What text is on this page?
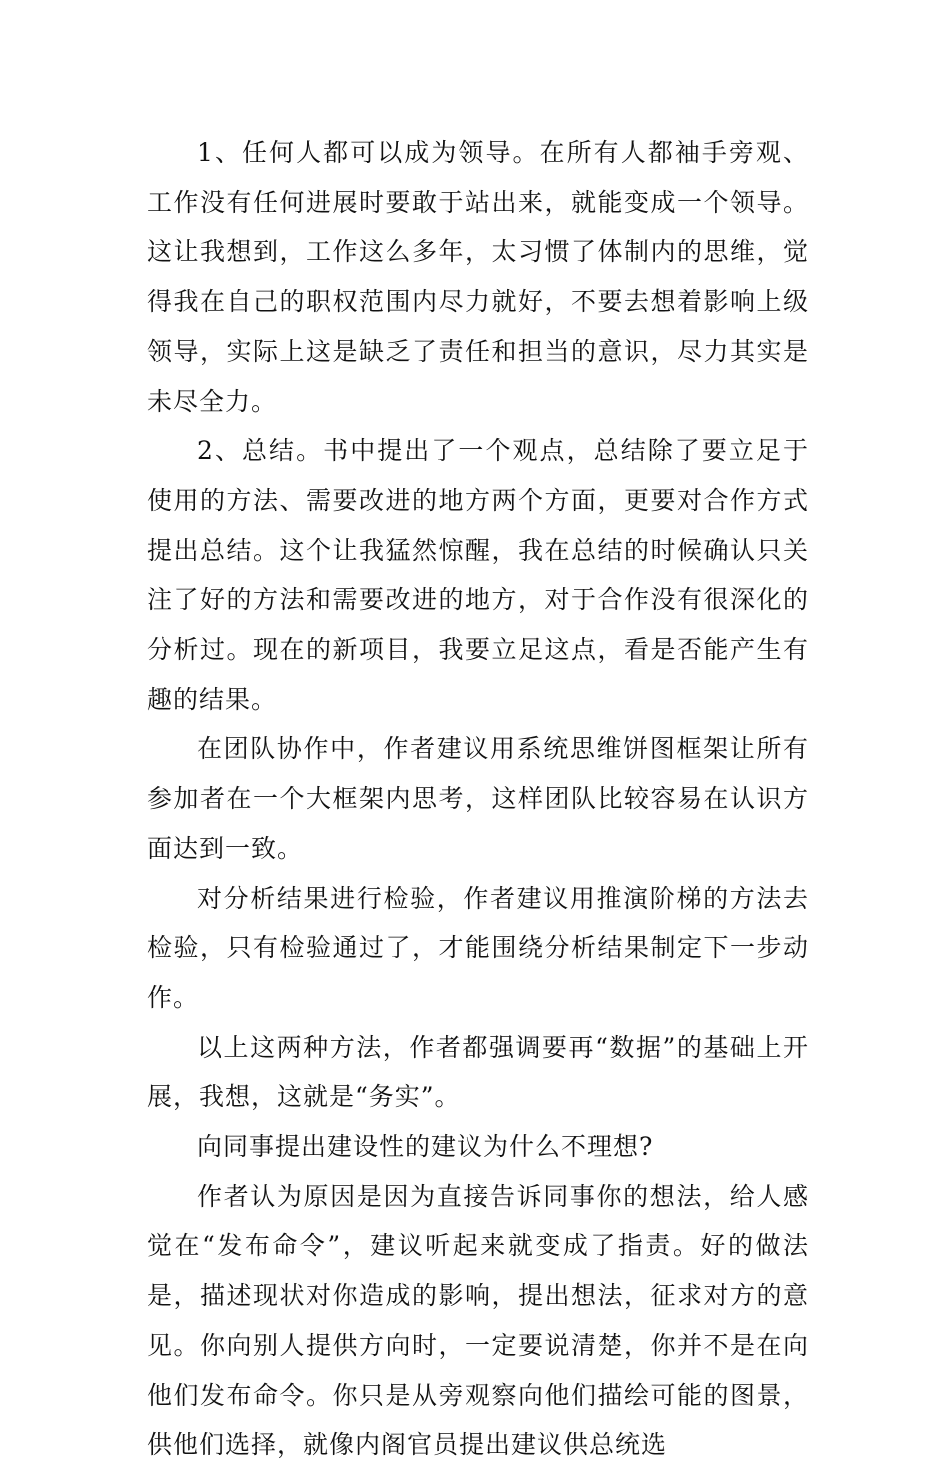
1、任何人都可以成为领导。在所有人都袖手旁观、工作没有任何进展时要敢于站出来，就能变成一个领导。这让我想到，工作这么多年，太习惯了体制内的思维，觉得我在自己的职权范围内尽力就好，不要去想着影响上级领导，实际上这是缺乏了责任和担当的意识，尽力其实是未尽全力。

2、总结。书中提出了一个观点，总结除了要立足于使用的方法、需要改进的地方两个方面，更要对合作方式提出总结。这个让我猛然惊醒，我在总结的时候确认只关注了好的方法和需要改进的地方，对于合作没有很深化的分析过。现在的新项目，我要立足这点，看是否能产生有趣的结果。

在团队协作中，作者建议用系统思维饼图框架让所有参加者在一个大框架内思考，这样团队比较容易在认识方面达到一致。

对分析结果进行检验，作者建议用推演阶梯的方法去检验，只有检验通过了，才能围绕分析结果制定下一步动作。

以上这两种方法，作者都强调要再“数据”的基础上开展，我想，这就是“务实”。

向同事提出建设性的建议为什么不理想?

作者认为原因是因为直接告诉同事你的想法，给人感觉在“发布命令”，建议听起来就变成了指责。好的做法是，描述现状对你造成的影响，提出想法，征求对方的意见。你向别人提供方向时，一定要说清楚，你并不是在向他们发布命令。你只是从旁观察向他们描绘可能的图景，供他们选择，就像内阁官员提出建议供总统选
